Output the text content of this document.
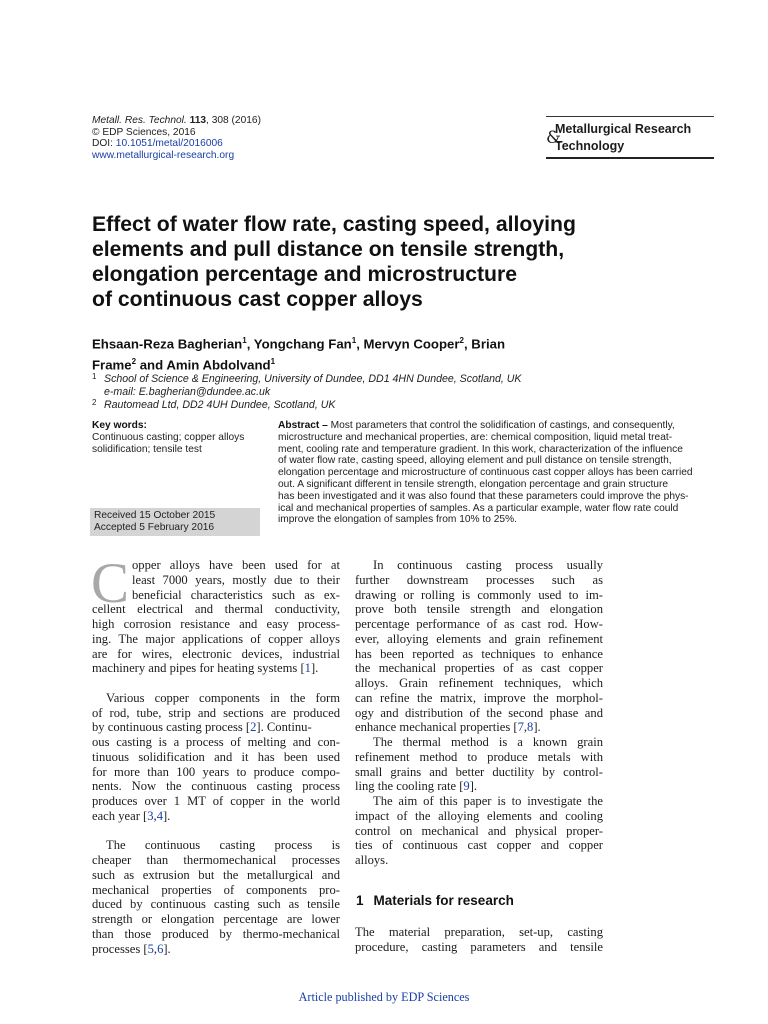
Metall. Res. Technol. 113, 308 (2016)
© EDP Sciences, 2016
DOI: 10.1051/metal/2016006
www.metallurgical-research.org
&
Metallurgical Research
Technology
Effect of water flow rate, casting speed, alloying
elements and pull distance on tensile strength,
elongation percentage and microstructure
of continuous cast copper alloys
Ehsaan-Reza Bagherian$^1$, Yongchang Fan$^1$, Mervyn Cooper$^2$, Brian
Frame$^2$ and Amin Abdolvand$^1$
1 School of Science & Engineering, University of Dundee, DD1 4HN Dundee, Scotland, UK
e-mail: E.bagherian@dundee.ac.uk
2 Rautomead Ltd, DD2 4UH Dundee, Scotland, UK
Key words:
Continuous casting; copper alloys
solidification; tensile test
Received 15 October 2015
Accepted 5 February 2016
Abstract – Most parameters that control the solidification of castings, and consequently,
microstructure and mechanical properties, are: chemical composition, liquid metal treat-
ment, cooling rate and temperature gradient. In this work, characterization of the influence
of water flow rate, casting speed, alloying element and pull distance on tensile strength,
elongation percentage and microstructure of continuous cast copper alloys has been carried
out. A significant different in tensile strength, elongation percentage and grain structure
has been investigated and it was also found that these parameters could improve the phys-
ical and mechanical properties of samples. As a particular example, water flow rate could
improve the elongation of samples from 10% to 25%.
C opper alloys have been used for at
least 7000 years, mostly due to their
beneficial characteristics such as ex-
cellent electrical and thermal conductivity,
high corrosion resistance and easy process-
ing. The major applications of copper alloys
are for wires, electronic devices, industrial
machinery and pipes for heating systems [1].
Various copper components in the form
of rod, tube, strip and sections are produced
by continuous casting process [2]. Continu-
ous casting is a process of melting and con-
tinuous solidification and it has been used
for more than 100 years to produce compo-
nents. Now the continuous casting process
produces over 1 MT of copper in the world
each year [3,4].
The continuous casting process is
cheaper than thermomechanical processes
such as extrusion but the metallurgical and
mechanical properties of components pro-
duced by continuous casting such as tensile
strength or elongation percentage are lower
than those produced by thermo-mechanical
processes [5,6].
In continuous casting process usually
further downstream processes such as
drawing or rolling is commonly used to im-
prove both tensile strength and elongation
percentage performance of as cast rod. How-
ever, alloying elements and grain refinement
has been reported as techniques to enhance
the mechanical properties of as cast copper
alloys. Grain refinement techniques, which
can refine the matrix, improve the morphol-
ogy and distribution of the second phase and
enhance mechanical properties [7,8].
The thermal method is a known grain
refinement method to produce metals with
small grains and better ductility by control-
ling the cooling rate [9].
The aim of this paper is to investigate the
impact of the alloying elements and cooling
control on mechanical and physical proper-
ties of continuous cast copper and copper
alloys.
1 Materials for research
The material preparation, set-up, casting
procedure, casting parameters and tensile
Article published by EDP Sciences
